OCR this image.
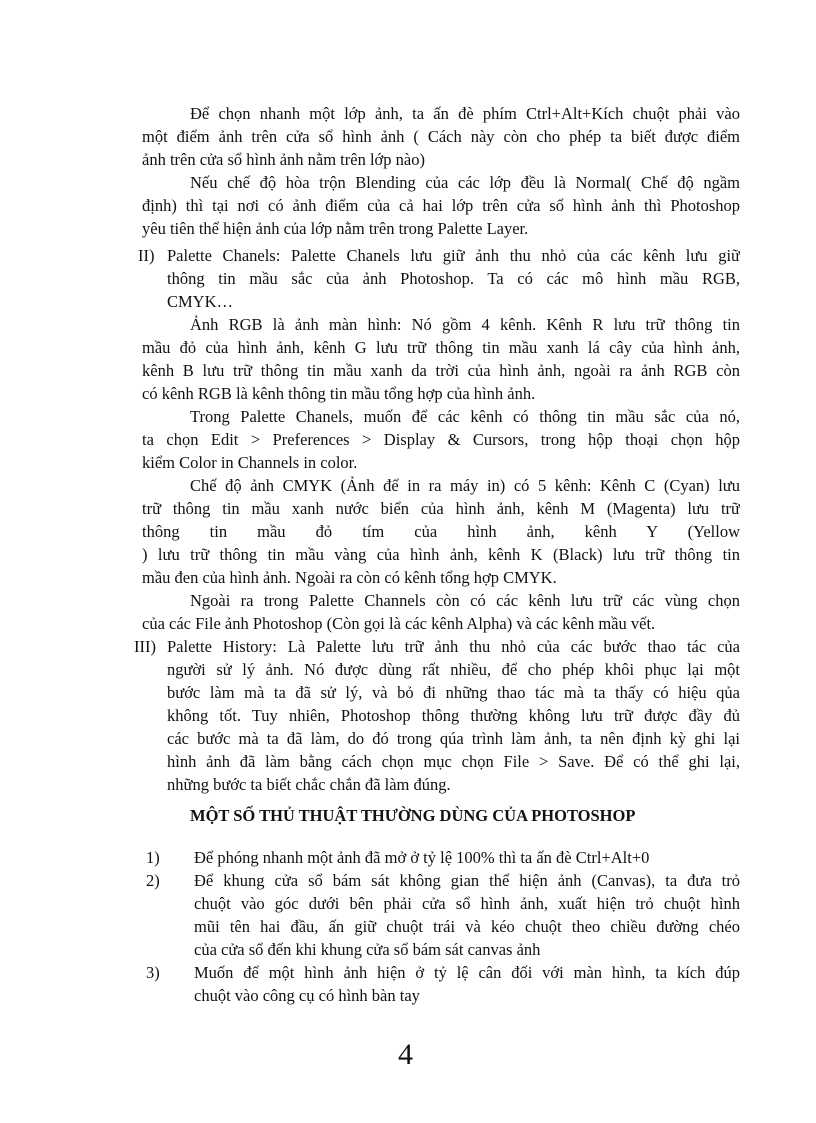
Để chọn nhanh một lớp ảnh, ta ấn đè phím Ctrl+Alt+Kích chuột phải vào
một điểm ảnh trên cửa sổ hình ảnh ( Cách này còn cho phép ta biết được điểm
ảnh trên cửa sổ hình ảnh nằm trên lớp nào)
Nếu chế độ hòa trộn Blending của các lớp đều là Normal( Chế độ ngầm
định) thì tại nơi có ảnh điểm của cả hai lớp trên cửa sổ hình ảnh thì Photoshop
yêu tiên thể hiện ảnh của lớp nằm trên trong Palette Layer.
II) Palette Chanels: Palette Chanels lưu giữ ảnh thu nhỏ của các kênh lưu giữ
thông tin mầu sắc của ảnh Photoshop. Ta có các mô hình mầu RGB,
CMYK…
Ảnh RGB là ảnh màn hình: Nó gồm 4 kênh. Kênh R lưu trữ thông tin
mầu đỏ của hình ảnh, kênh G lưu trữ thông tin mầu xanh lá cây của hình ảnh,
kênh B lưu trữ thông tin mầu xanh da trời của hình ảnh, ngoài ra ảnh RGB còn
có kênh RGB là kênh thông tin mầu tổng hợp của hình ảnh.
Trong Palette Chanels, muốn để các kênh có thông tin mầu sắc của nó,
ta chọn Edit > Preferences > Display & Cursors, trong hộp thoại chọn hộp
kiểm Color in Channels in color.
Chế độ ảnh CMYK (Ảnh để in ra máy in) có 5 kênh: Kênh C (Cyan) lưu
trữ thông tin mầu xanh nước biển của hình ảnh, kênh M (Magenta) lưu trữ
thông tin mầu đỏ tím của hình ảnh, kênh Y (Yellow
) lưu trữ thông tin mầu vàng của hình ảnh, kênh K (Black) lưu trữ thông tin
mầu đen của hình ảnh. Ngoài ra còn có kênh tổng hợp CMYK.
Ngoài ra trong Palette Channels còn có các kênh lưu trữ các vùng chọn
của các File ảnh Photoshop (Còn gọi là các kênh Alpha) và các kênh mầu vết.
III) Palette History: Là Palette lưu trữ ảnh thu nhỏ của các bước thao tác của
người sử lý ảnh. Nó được dùng rất nhiều, để cho phép khôi phục lại một
bước làm mà ta đã sử lý, và bỏ đi những thao tác mà ta thấy có hiệu qủa
không tốt. Tuy nhiên, Photoshop thông thường không lưu trữ được đầy đủ
các bước mà ta đã làm, do đó trong qúa trình làm ảnh, ta nên định kỳ ghi lại
hình ảnh đã làm bằng cách chọn mục chọn File > Save. Để có thể ghi lại,
những bước ta biết chắc chắn đã làm đúng.
MỘT SỐ THỦ THUẬT THƯỜNG DÙNG CỦA PHOTOSHOP
1) Để phóng nhanh một ảnh đã mở ở tỷ lệ 100% thì ta ấn đè Ctrl+Alt+0
2) Để khung cửa sổ bám sát không gian thể hiện ảnh (Canvas), ta đưa trỏ
chuột vào góc dưới bên phải cửa sổ hình ảnh, xuất hiện trỏ chuột hình
mũi tên hai đầu, ấn giữ chuột trái và kéo chuột theo chiều đường chéo
của cửa sổ đến khi khung cửa sổ bám sát canvas ảnh
3) Muốn để một hình ảnh hiện ở tỷ lệ cân đối với màn hình, ta kích đúp
chuột vào công cụ có hình bàn tay
4
